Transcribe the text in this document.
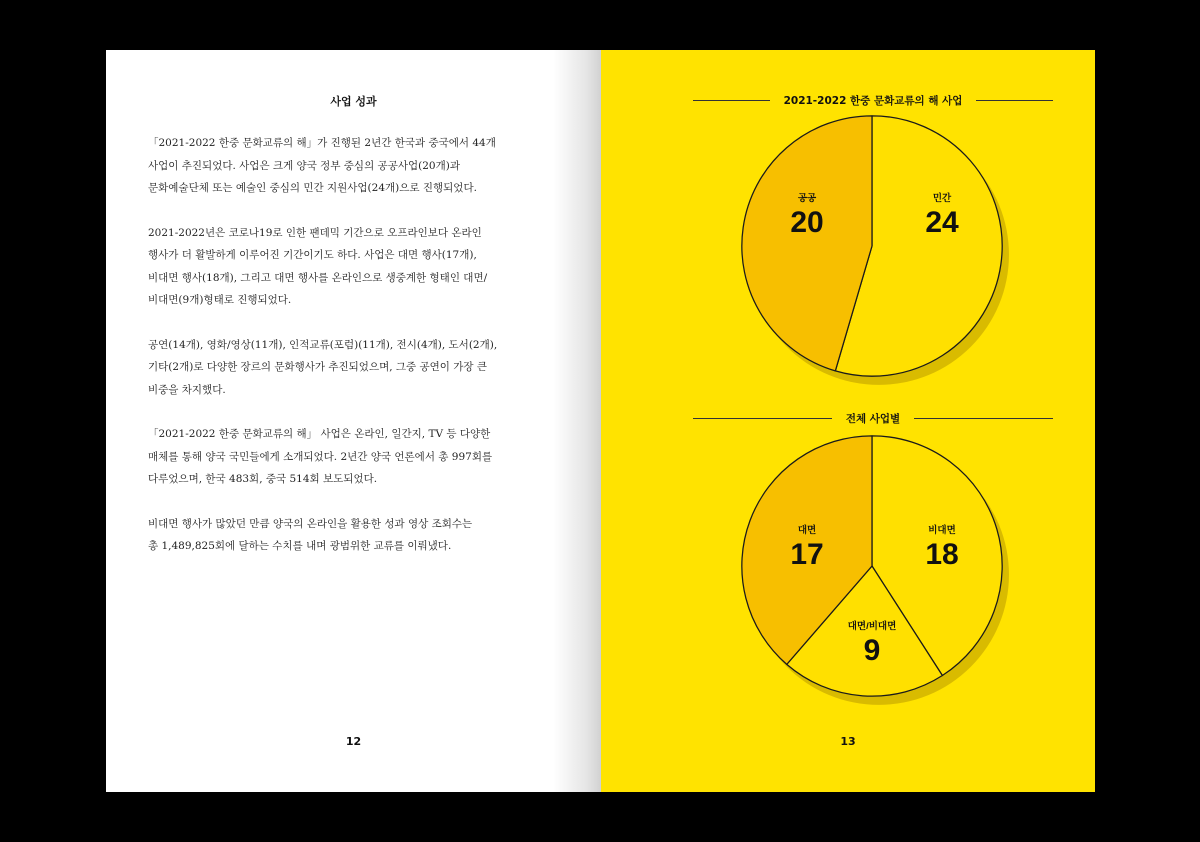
사업 성과

「2021-2022 한중 문화교류의 해」가 진행된 2년간 한국과 중국에서 44개
사업이 추진되었다. 사업은 크게 양국 정부 중심의 공공사업(20개)과
문화예술단체 또는 예술인 중심의 민간 지원사업(24개)으로 진행되었다.

2021-2022년은 코로나19로 인한 팬데믹 기간으로 오프라인보다 온라인
행사가 더 활발하게 이루어진 기간이기도 하다. 사업은 대면 행사(17개),
비대면 행사(18개), 그리고 대면 행사를 온라인으로 생중계한 형태인 대면/
비대면(9개)형태로 진행되었다.

공연(14개), 영화/영상(11개), 인적교류(포럼)(11개), 전시(4개), 도서(2개),
기타(2개)로 다양한 장르의 문화행사가 추진되었으며, 그중 공연이 가장 큰
비중을 차지했다.

「2021-2022 한중 문화교류의 해」 사업은 온라인, 일간지, TV 등 다양한
매체를 통해 양국 국민들에게 소개되었다. 2년간 양국 언론에서 총 997회를
다루었으며, 한국 483회, 중국 514회 보도되었다.

비대면 행사가 많았던 만큼 양국의 온라인을 활용한 성과 영상 조회수는
총 1,489,825회에 달하는 수치를 내며 광범위한 교류를 이뤄냈다.

12
2021-2022 한중 문화교류의 해 사업
공공
20
민간
24
전체 사업별
대면
17
비대면
18
대면/비대면
9
13
